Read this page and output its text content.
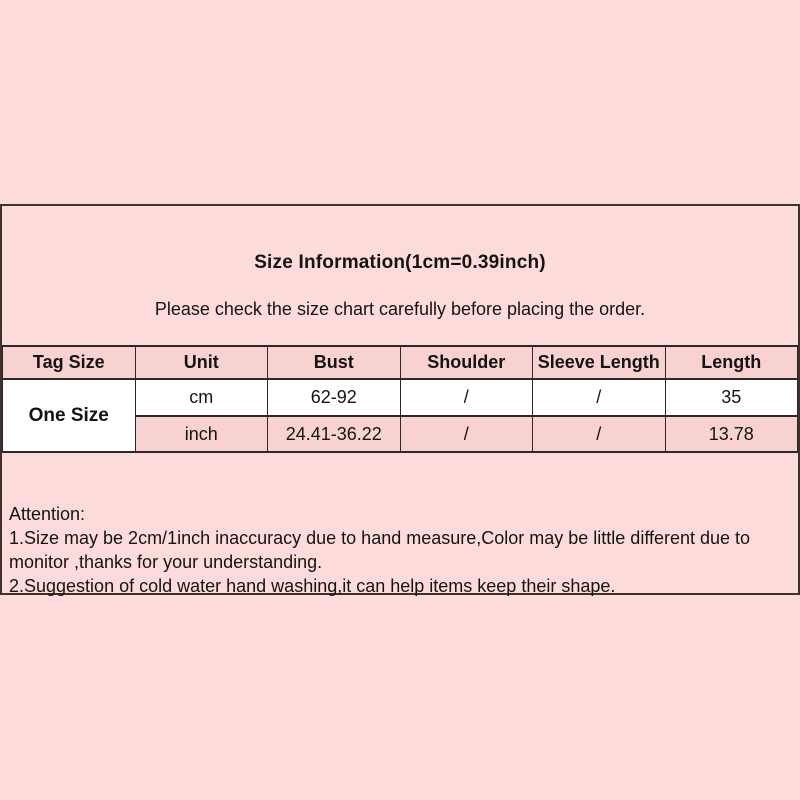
Size Information(1cm=0.39inch)
Please check the size chart carefully before placing the order.
Tag Size	Unit	Bust	Shoulder	Sleeve Length	Length
One Size	cm	62-92	/	/	35
	inch	24.41-36.22	/	/	13.78
Attention:
1.Size may be 2cm/1inch inaccuracy due to hand measure,Color may be little different due to
monitor ,thanks for your understanding.
2.Suggestion of cold water hand washing,it can help items keep their shape.
